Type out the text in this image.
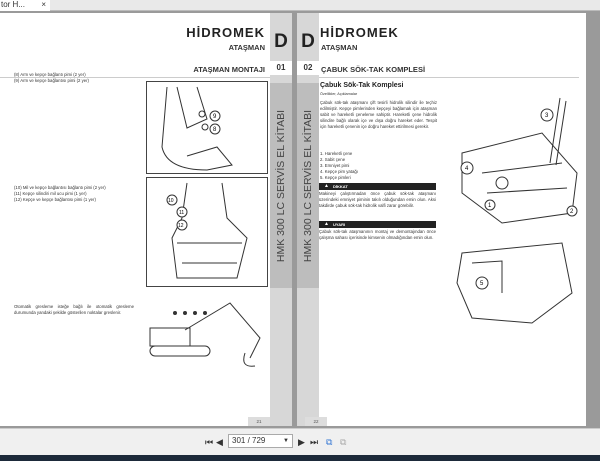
tor H... ×
HİDROMEK
ATAŞMAN
ATAŞMAN MONTAJI
D
01
HMK 300 LC SERVİS EL KİTABI
(8) Arm ve kepçe bağlantı pimi (2 yer)
(9) Arm ve kepçe bağlantısı pimi (2 yer)
(10) Mil ve kepçe bağlantısı bağlantı pimi (2 yer)
(11) Kepçe silindiri mil ucu pimi (1 yer)
(12) Kepçe ve kepçe bağlantısı pimi (1 yer)
Otomatik gresleme isteğe bağlı ile otomatik gresleme durumunda yandaki şekilde gösterilen noktalar greslenir.
9
8
10
11
12
21
D
02
HMK 300 LC SERVİS EL KİTABI
HİDROMEK
ATAŞMAN
ÇABUK SÖK-TAK KOMPLESİ
Çabuk Sök-Tak Komplesi
Özellikler, Açıklamalar
Çabuk sök-tak ataşmanı çift tesirli hidrolik silindir ile teçhiz edilmiştir. Kepçe pimlerinden kepçeyi bağlamak için ataşman sabit ve hareketli çeneleme sahiptir. Hareketli çene hidrolik silindire bağlı olarak içe ve dışa doğru hareket eder. Tespit için hareketli çenenin içe doğru hareket ettirilmesi gerekir.
1. Hareketli çene
2. Sabit çene
3. Emniyet pimi
4. Kepçe pim yatağı
5. Kepçe pimleri
▲ DİKKAT
Makineyi çalıştırmadan önce çabuk sök-tak ataşmanı üzerindeki emniyet piminin takılı olduğundan emin olun. Aksi takdirde çabuk sök-tak hidrolik valfi zarar görebilir.
▲ UYARI
Çabuk sök-tak ataşmanının montaj ve demontajından önce çalışma sahası içerisinde kimsenin olmadığından emin olun.
3
4
1
2
5
22
⏮ ◀	301 / 729	▼ ▶ ⏭ ⧉ ⧉
